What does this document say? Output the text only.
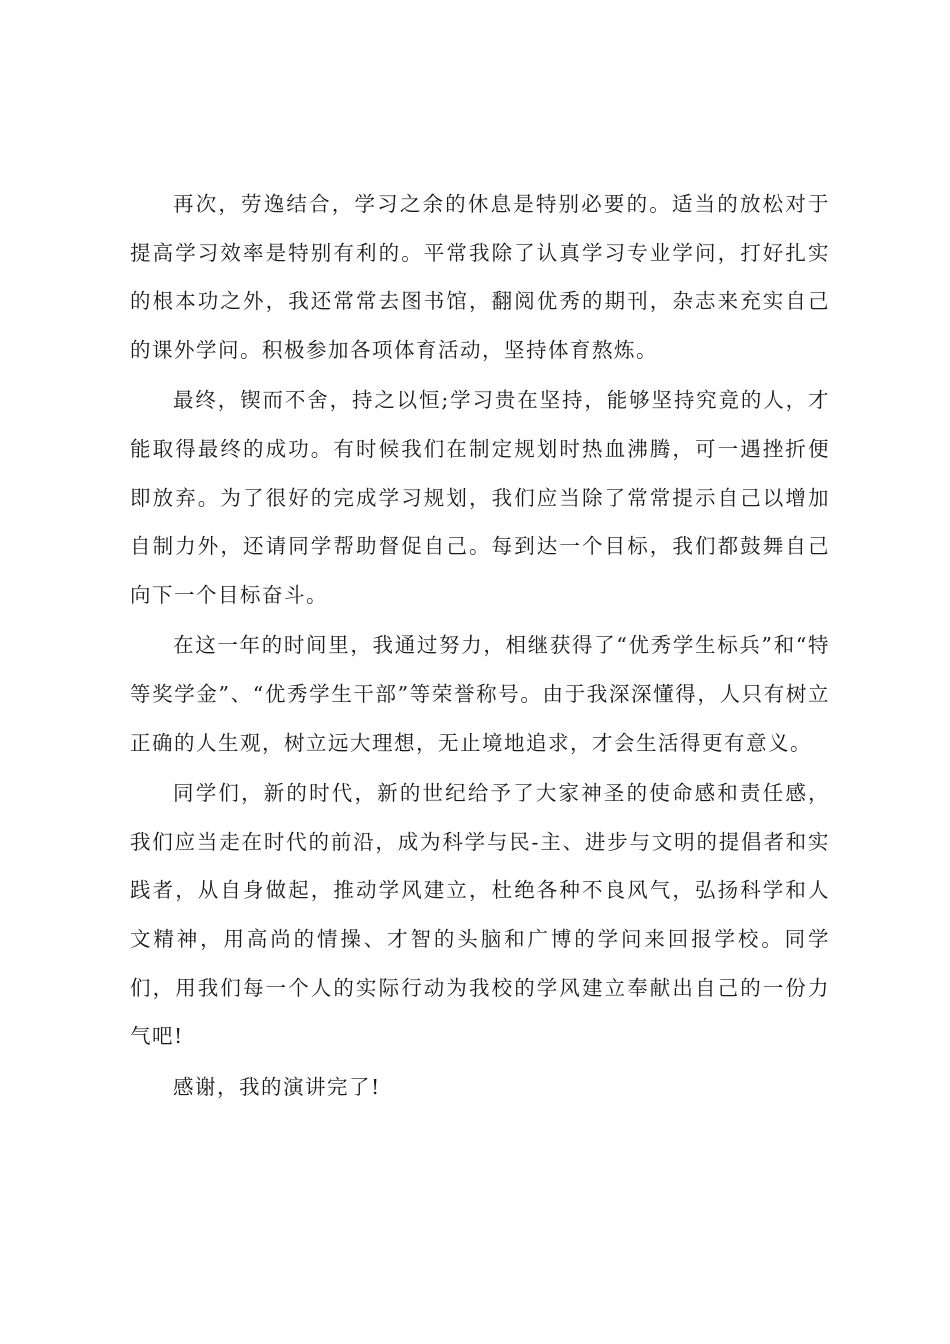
再次，劳逸结合，学习之余的休息是特别必要的。适当的放松对于提高学习效率是特别有利的。平常我除了认真学习专业学问，打好扎实的根本功之外，我还常常去图书馆，翻阅优秀的期刊，杂志来充实自己的课外学问。积极参加各项体育活动，坚持体育熬炼。

最终，锲而不舍，持之以恒;学习贵在坚持，能够坚持究竟的人，才能取得最终的成功。有时候我们在制定规划时热血沸腾，可一遇挫折便即放弃。为了很好的完成学习规划，我们应当除了常常提示自己以增加自制力外，还请同学帮助督促自己。每到达一个目标，我们都鼓舞自己向下一个目标奋斗。

在这一年的时间里，我通过努力，相继获得了“优秀学生标兵”和“特等奖学金”、“优秀学生干部”等荣誉称号。由于我深深懂得，人只有树立正确的人生观，树立远大理想，无止境地追求，才会生活得更有意义。

同学们，新的时代，新的世纪给予了大家神圣的使命感和责任感，我们应当走在时代的前沿，成为科学与民-主、进步与文明的提倡者和实践者，从自身做起，推动学风建立，杜绝各种不良风气，弘扬科学和人文精神，用高尚的情操、才智的头脑和广博的学问来回报学校。同学们，用我们每一个人的实际行动为我校的学风建立奉献出自己的一份力气吧!

感谢，我的演讲完了!
